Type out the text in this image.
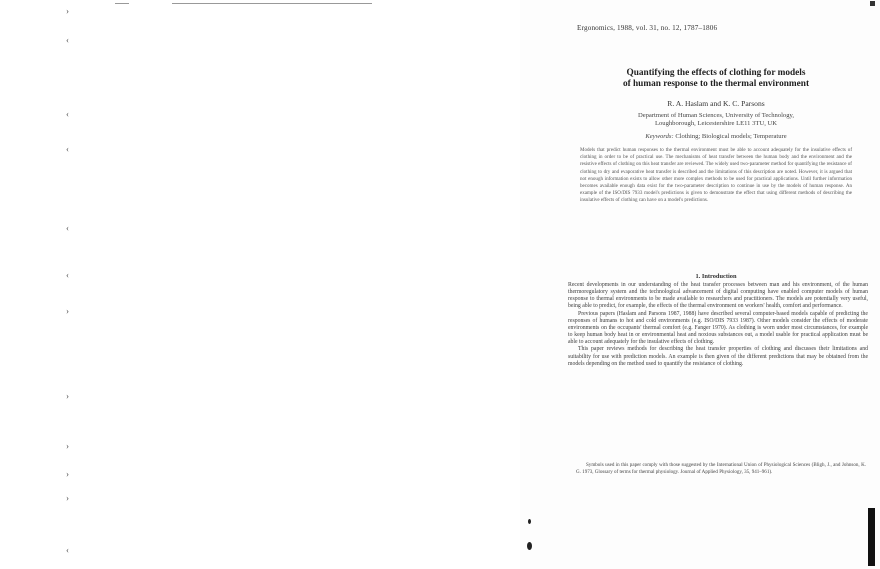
›
‹
‹
‹
‹
‹
›
›
›
›
›
‹
Ergonomics, 1988, vol. 31, no. 12, 1787–1806
Quantifying the effects of clothing for models
of human response to the thermal environment
R. A. Haslam and K. C. Parsons
Department of Human Sciences, University of Technology,
Loughborough, Leicestershire LE11 3TU, UK
Keywords: Clothing; Biological models; Temperature
Models that predict human responses to the thermal environment must be able to account adequately for the insulative effects of clothing in order to be of practical use. The mechanisms of heat transfer between the human body and the environment and the resistive effects of clothing on this heat transfer are reviewed. The widely used two-parameter method for quantifying the resistance of clothing to dry and evaporative heat transfer is described and the limitations of this description are noted. However, it is argued that not enough information exists to allow other more complex methods to be used for practical applications. Until further information becomes available enough data exist for the two-parameter description to continue in use by the models of human response. An example of the ISO/DIS 7933 model's predictions is given to demonstrate the effect that using different methods of describing the insulative effects of clothing can have on a model's predictions.
1. Introduction

Recent developments in our understanding of the heat transfer processes between man and his environment, of the human thermoregulatory system and the technological advancement of digital computing have enabled computer models of human response to thermal environments to be made available to researchers and practitioners. The models are potentially very useful, being able to predict, for example, the effects of the thermal environment on workers' health, comfort and performance.

Previous papers (Haslam and Parsons 1987, 1988) have described several computer-based models capable of predicting the responses of humans to hot and cold environments (e.g. ISO/DIS 7933 1987). Other models consider the effects of moderate environments on the occupants' thermal comfort (e.g. Fanger 1970). As clothing is worn under most circumstances, for example to keep human body heat in or environmental heat and noxious substances out, a model usable for practical application must be able to account adequately for the insulative effects of clothing.

This paper reviews methods for describing the heat transfer properties of clothing and discusses their limitations and suitability for use with prediction models. An example is then given of the different predictions that may be obtained from the models depending on the method used to quantify the resistance of clothing.

Symbols used in this paper comply with those suggested by the International Union of Physiological Sciences (Bligh, J., and Johnson, K. G. 1973, Glossary of terms for thermal physiology. Journal of Applied Physiology, 35, 941–961).
